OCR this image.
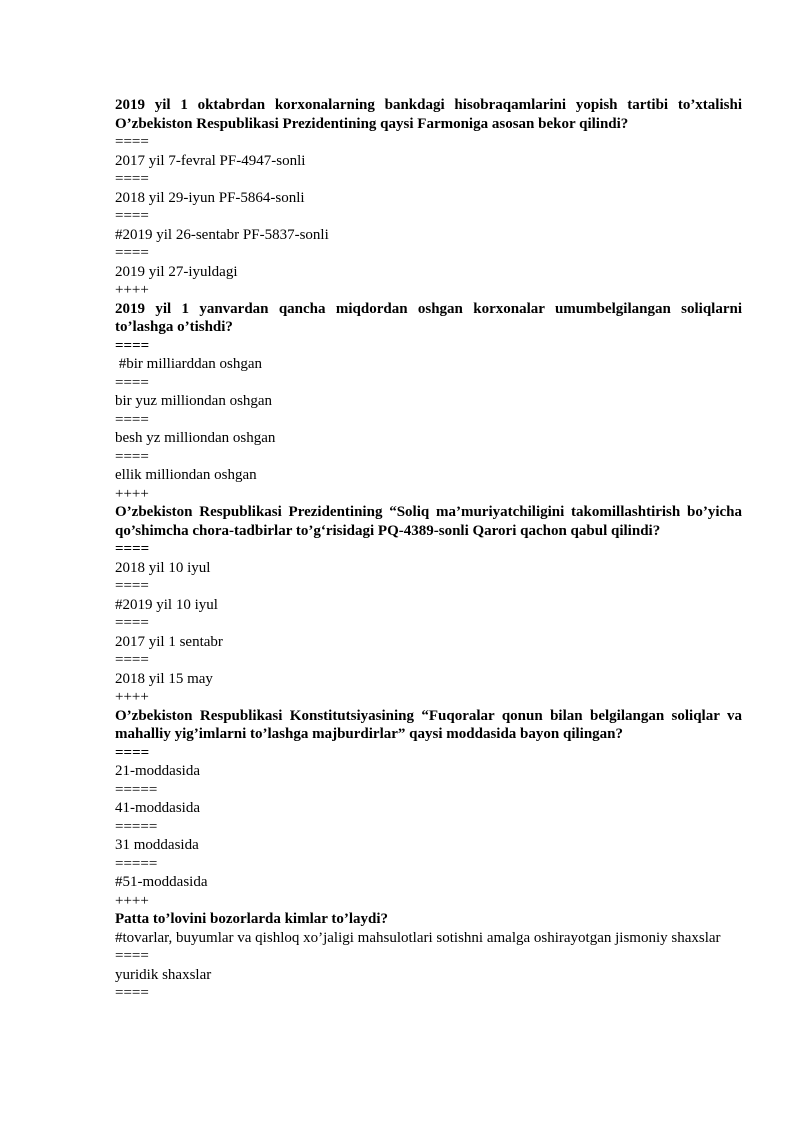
2019 yil 1 oktabrdan korxonalarning bankdagi hisobraqamlarini yopish tartibi to’xtalishi O’zbekiston Respublikasi Prezidentining qaysi Farmoniga asosan bekor qilindi?
====
2017 yil 7-fevral PF-4947-sonli
====
2018 yil 29-iyun PF-5864-sonli
====
#2019 yil 26-sentabr PF-5837-sonli
====
2019 yil 27-iyuldagi
++++
2019 yil 1 yanvardan qancha miqdordan oshgan korxonalar umumbelgilangan soliqlarni to’lashga o’tishdi?
====
#bir milliarddan oshgan
====
bir yuz milliondan oshgan
====
besh yz milliondan oshgan
====
ellik milliondan oshgan
++++
O’zbekiston Respublikasi Prezidentining “Soliq ma’muriyatchiligini takomillashtirish bo’yicha qo’shimcha chora-tadbirlar to’g‘risidagi PQ-4389-sonli Qarori qachon qabul qilindi?
====
2018 yil 10 iyul
====
#2019 yil 10 iyul
====
2017 yil 1 sentabr
====
2018 yil 15 may
++++
O’zbekiston Respublikasi Konstitutsiyasining “Fuqoralar qonun bilan belgilangan soliqlar va mahalliy yig’imlarni to’lashga majburdirlar” qaysi moddasida bayon qilingan?
====
21-moddasida
=====
41-moddasida
=====
31 moddasida
=====
#51-moddasida
++++
Patta to’lovini bozorlarda kimlar to’laydi?
#tovarlar, buyumlar va qishloq xo’jaligi mahsulotlari sotishni amalga oshirayotgan jismoniy shaxslar
====
yuridik shaxslar
====
